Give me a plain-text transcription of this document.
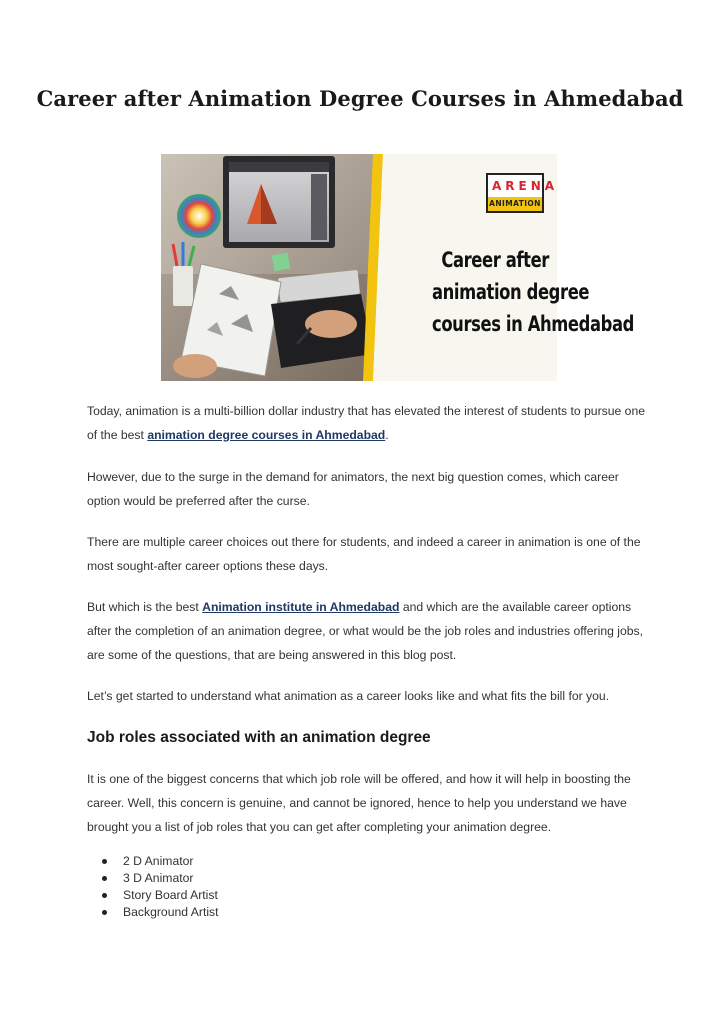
Career after Animation Degree Courses in Ahmedabad
ARENA
ANIMATION
Career after
animation degree
courses in Ahmedabad
Today, animation is a multi-billion dollar industry that has elevated the interest of students to pursue one of the best animation degree courses in Ahmedabad.
However, due to the surge in the demand for animators, the next big question comes, which career option would be preferred after the curse.
There are multiple career choices out there for students, and indeed a career in animation is one of the most sought-after career options these days.
But which is the best Animation institute in Ahmedabad and which are the available career options after the completion of an animation degree, or what would be the job roles and industries offering jobs, are some of the questions, that are being answered in this blog post.
Let’s get started to understand what animation as a career looks like and what fits the bill for you.
Job roles associated with an animation degree
It is one of the biggest concerns that which job role will be offered, and how it will help in boosting the career. Well, this concern is genuine, and cannot be ignored, hence to help you understand we have brought you a list of job roles that you can get after completing your animation degree.
2 D Animator
3 D Animator
Story Board Artist
Background Artist
